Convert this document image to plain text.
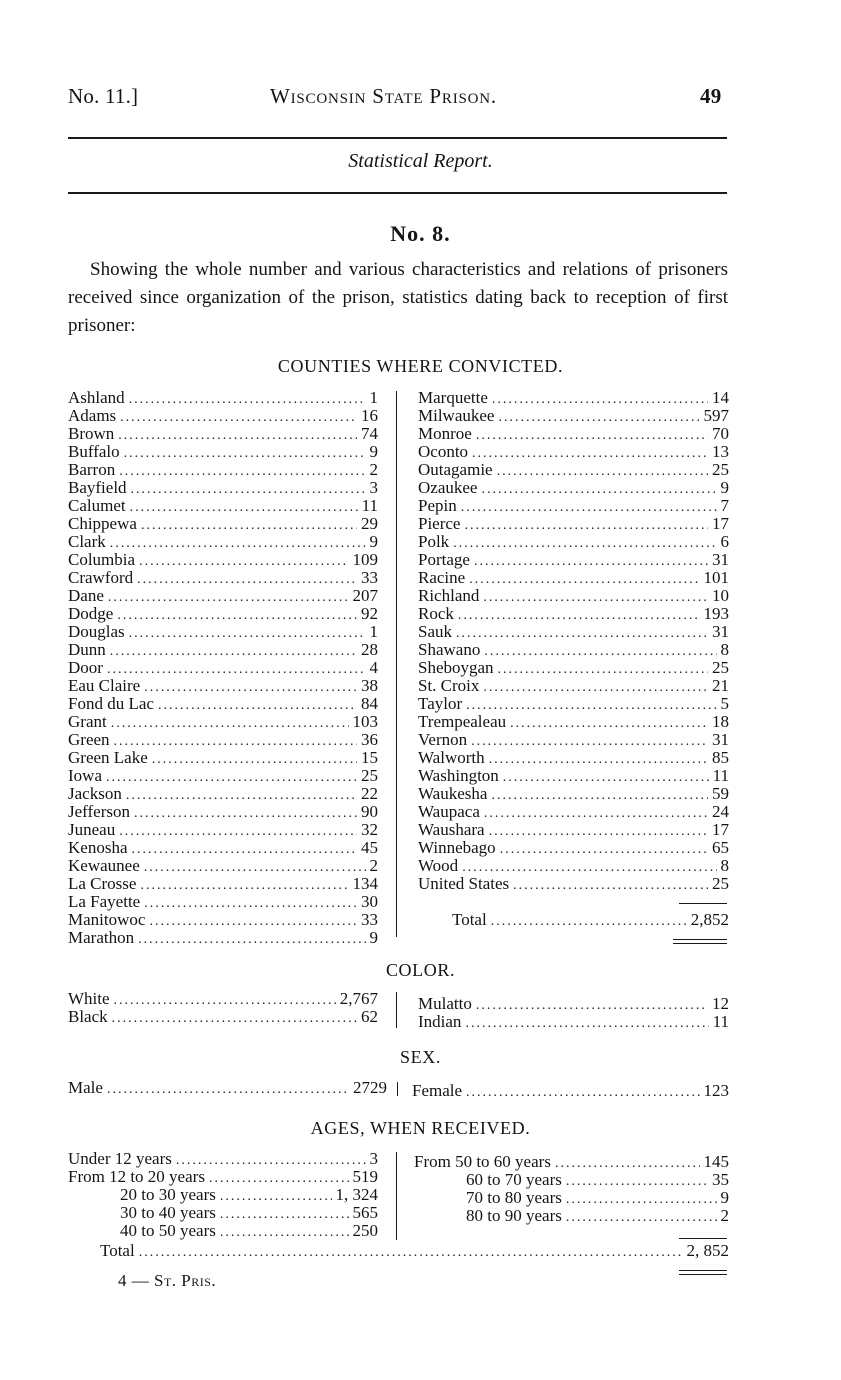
No. 11.]	Wisconsin State Prison.	49
Statistical Report.
No. 8.
Showing the whole number and various characteristics and relations of prisoners received since organization of the prison, statistics dating back to reception of first prisoner:
COUNTIES WHERE CONVICTED.
Ashland .....	1
Adams .....	16
Brown .....	74
Buffalo .....	9
Barron .....	2
Bayfield .....	3
Calumet .....	11
Chippewa .....	29
Clark .....	9
Columbia .....	109
Crawford .....	33
Dane .....	207
Dodge .....	92
Douglas .....	1
Dunn .....	28
Door .....	4
Eau Claire .....	38
Fond du Lac .....	84
Grant .....	103
Green .....	36
Green Lake .....	15
Iowa .....	25
Jackson .....	22
Jefferson .....	90
Juneau .....	32
Kenosha .....	45
Kewaunee .....	2
La Crosse .....	134
La Fayette .....	30
Manitowoc .....	33
Marathon .....	9
Marquette .....	14
Milwaukee .....	597
Monroe .....	70
Oconto .....	13
Outagamie .....	25
Ozaukee .....	9
Pepin .....	7
Pierce .....	17
Polk .....	6
Portage .....	31
Racine .....	101
Richland .....	10
Rock .....	193
Sauk .....	31
Shawano .....	8
Sheboygan .....	25
St. Croix .....	21
Taylor .....	5
Trempealeau .....	18
Vernon .....	31
Walworth .....	85
Washington .....	11
Waukesha .....	59
Waupaca .....	24
Waushara .....	17
Winnebago .....	65
Wood .....	8
United States .....	25
Total .....	2,852
COLOR.
White .....	2,767
Black .....	62
Mulatto .....	12
Indian .....	11
SEX.
Male .....	2729 Female .....	123
AGES, WHEN RECEIVED.
Under 12 years .....	3
From 12 to 20 years .....	519
20 to 30 years .....	1, 324
30 to 40 years .....	565
40 to 50 years .....	250
From 50 to 60 years .....	145
60 to 70 years .....	35
70 to 80 years .....	9
80 to 90 years .....	2
Total .....	2, 852
4 — St. Pris.
